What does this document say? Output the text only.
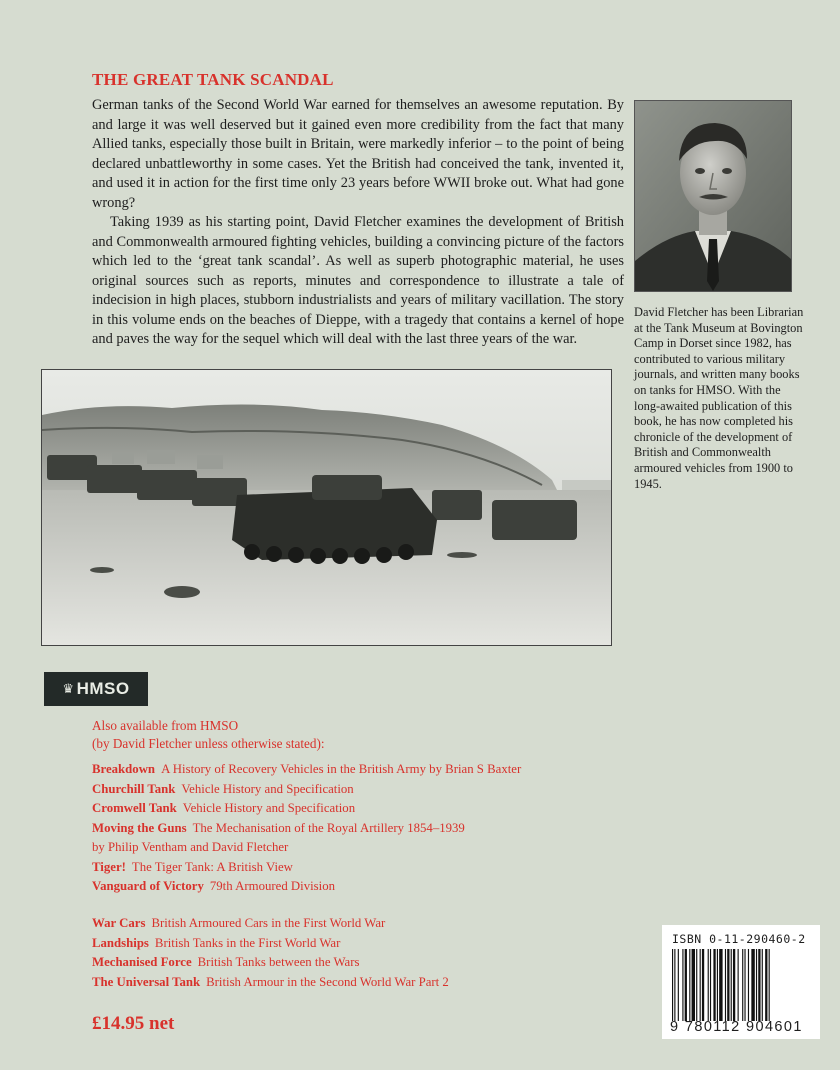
THE GREAT TANK SCANDAL

German tanks of the Second World War earned for themselves an awesome reputation. By and large it was well deserved but it gained even more credibility from the fact that many Allied tanks, especially those built in Britain, were markedly inferior – to the point of being declared unbattleworthy in some cases. Yet the British had conceived the tank, invented it, and used it in action for the first time only 23 years before WWII broke out. What had gone wrong?

Taking 1939 as his starting point, David Fletcher examines the development of British and Commonwealth armoured fighting vehicles, building a convincing picture of the factors which led to the ‘great tank scandal’. As well as superb photographic material, he uses original sources such as reports, minutes and correspondence to illustrate a tale of indecision in high places, stubborn industrialists and years of military vacillation. The story in this volume ends on the beaches of Dieppe, with a tragedy that contains a kernel of hope and paves the way for the sequel which will deal with the last three years of the war.

David Fletcher has been Librarian at the Tank Museum at Bovington Camp in Dorset since 1982, has contributed to various military journals, and written many books on tanks for HMSO. With the long-awaited publication of this book, he has now completed his chronicle of the development of British and Commonwealth armoured vehicles from 1900 to 1945.
♛ HMSO
Also available from HMSO
(by David Fletcher unless otherwise stated):
Breakdown A History of Recovery Vehicles in the British Army by Brian S Baxter
Churchill Tank Vehicle History and Specification
Cromwell Tank Vehicle History and Specification
Moving the Guns The Mechanisation of the Royal Artillery 1854–1939
by Philip Ventham and David Fletcher
Tiger! The Tiger Tank: A British View
Vanguard of Victory 79th Armoured Division
War Cars British Armoured Cars in the First World War
Landships British Tanks in the First World War
Mechanised Force British Tanks between the Wars
The Universal Tank British Armour in the Second World War Part 2
£14.95 net
ISBN 0-11-290460-2
9 780112 904601
